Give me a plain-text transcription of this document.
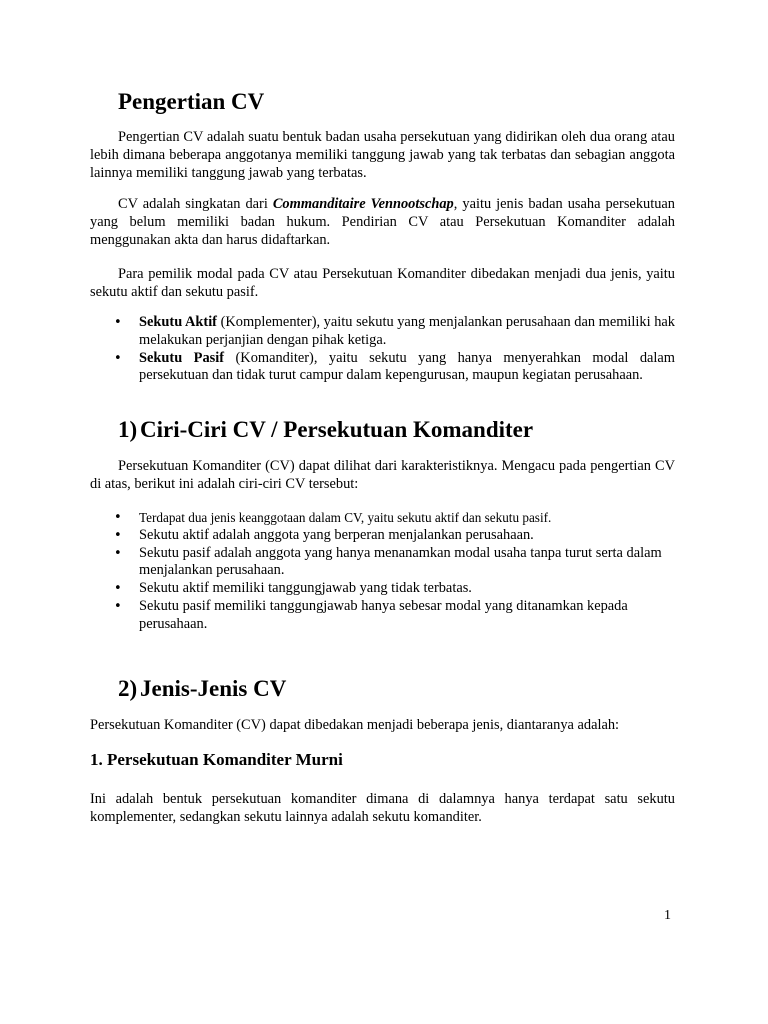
Pengertian CV

Pengertian CV adalah suatu bentuk badan usaha persekutuan yang didirikan oleh dua orang atau lebih dimana beberapa anggotanya memiliki tanggung jawab yang tak terbatas dan sebagian anggota lainnya memiliki tanggung jawab yang terbatas.

CV adalah singkatan dari Commanditaire Vennootschap, yaitu jenis badan usaha persekutuan yang belum memiliki badan hukum. Pendirian CV atau Persekutuan Komanditer adalah menggunakan akta dan harus didaftarkan.

Para pemilik modal pada CV atau Persekutuan Komanditer dibedakan menjadi dua jenis, yaitu sekutu aktif dan sekutu pasif.

• Sekutu Aktif (Komplementer), yaitu sekutu yang menjalankan perusahaan dan memiliki hak melakukan perjanjian dengan pihak ketiga.
• Sekutu Pasif (Komanditer), yaitu sekutu yang hanya menyerahkan modal dalam persekutuan dan tidak turut campur dalam kepengurusan, maupun kegiatan perusahaan.
1) Ciri-Ciri CV / Persekutuan Komanditer

Persekutuan Komanditer (CV) dapat dilihat dari karakteristiknya. Mengacu pada pengertian CV di atas, berikut ini adalah ciri-ciri CV tersebut:

• Terdapat dua jenis keanggotaan dalam CV, yaitu sekutu aktif dan sekutu pasif.
• Sekutu aktif adalah anggota yang berperan menjalankan perusahaan.
• Sekutu pasif adalah anggota yang hanya menanamkan modal usaha tanpa turut serta dalam menjalankan perusahaan.
• Sekutu aktif memiliki tanggungjawab yang tidak terbatas.
• Sekutu pasif memiliki tanggungjawab hanya sebesar modal yang ditanamkan kepada perusahaan.
2) Jenis-Jenis CV

Persekutuan Komanditer (CV) dapat dibedakan menjadi beberapa jenis, diantaranya adalah:

1. Persekutuan Komanditer Murni

Ini adalah bentuk persekutuan komanditer dimana di dalamnya hanya terdapat satu sekutu komplementer, sedangkan sekutu lainnya adalah sekutu komanditer.

1
